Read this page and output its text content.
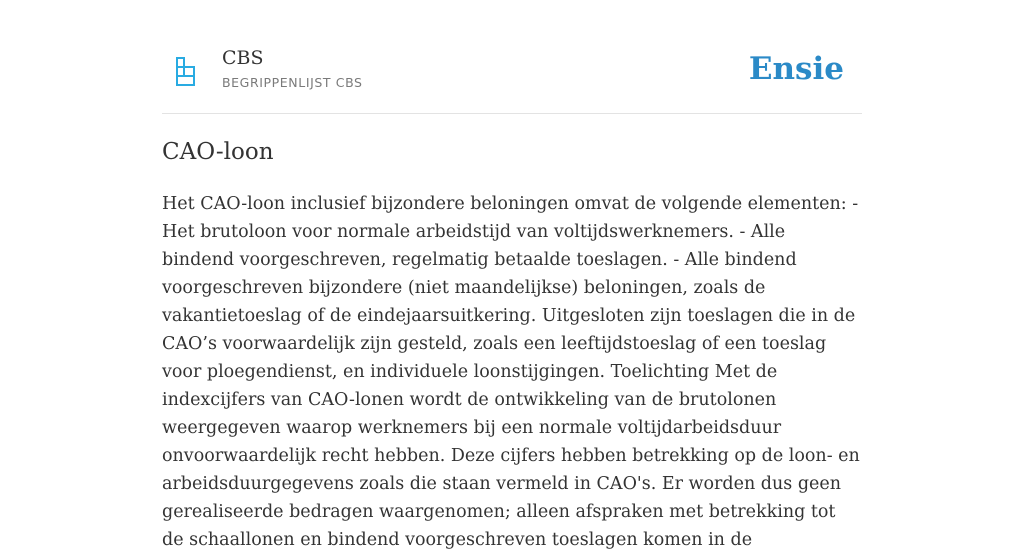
CBS
BEGRIPPENLIJST CBS	Ensie
CAO-loon

Het CAO-loon inclusief bijzondere beloningen omvat de volgende elementen: - Het brutoloon voor normale arbeidstijd van voltijdswerknemers. - Alle bindend voorgeschreven, regelmatig betaalde toeslagen. - Alle bindend voorgeschreven bijzondere (niet maandelijkse) beloningen, zoals de vakantietoeslag of de eindejaarsuitkering. Uitgesloten zijn toeslagen die in de CAO’s voorwaardelijk zijn gesteld, zoals een leeftijdstoeslag of een toeslag voor ploegendienst, en individuele loonstijgingen. Toelichting Met de indexcijfers van CAO-lonen wordt de ontwikkeling van de brutolonen weergegeven waarop werknemers bij een normale voltijdarbeidsduur onvoorwaardelijk recht hebben. Deze cijfers hebben betrekking op de loon- en arbeidsduurgegevens zoals die staan vermeld in CAO's. Er worden dus geen gerealiseerde bedragen waargenomen; alleen afspraken met betrekking tot de schaallonen en bindend voorgeschreven toeslagen komen in de
